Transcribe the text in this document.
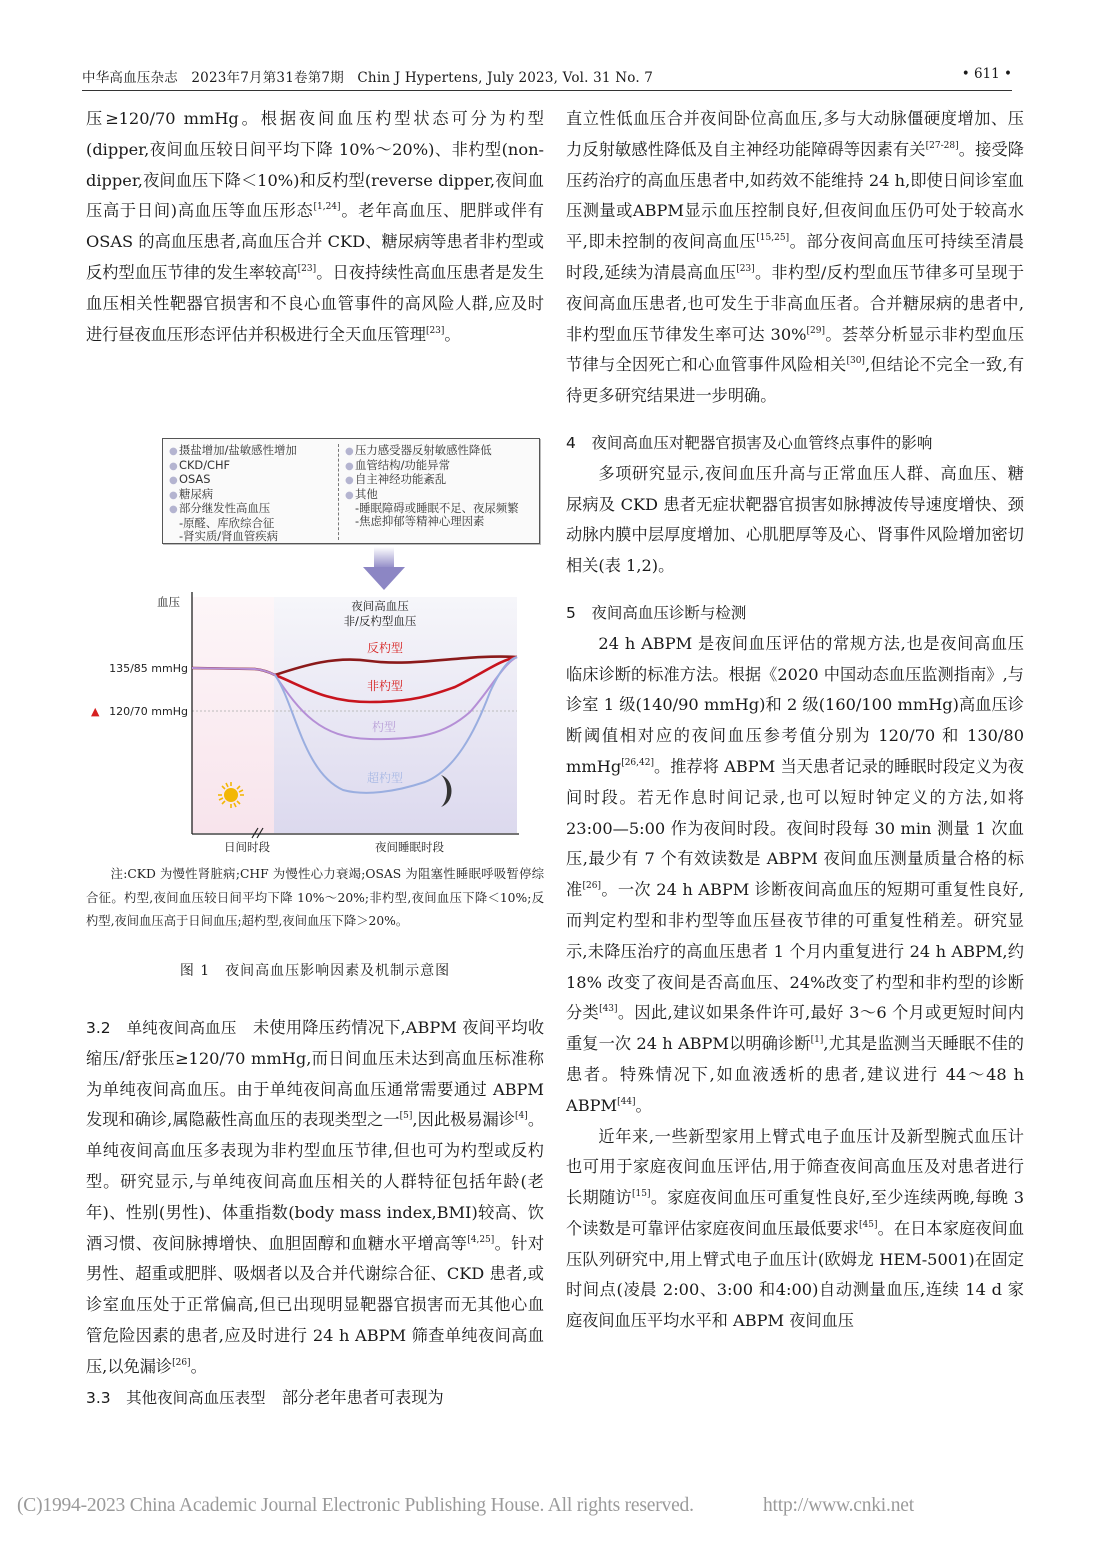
中华高血压杂志 2023年7月第31卷第7期 Chin J Hypertens, July 2023, Vol. 31 No. 7	• 611 •

压≥120/70 mmHg。根据夜间血压杓型状态可分为杓型(dipper,夜间血压较日间平均下降 10%～20%)、非杓型(non-dipper,夜间血压下降＜10%)和反杓型(reverse dipper,夜间血压高于日间)高血压等血压形态[1,24]。老年高血压、肥胖或伴有 OSAS 的高血压患者,高血压合并 CKD、糖尿病等患者非杓型或反杓型血压节律的发生率较高[23]。日夜持续性高血压患者是发生血压相关性靶器官损害和不良心血管事件的高风险人群,应及时进行昼夜血压形态评估并积极进行全天血压管理[23]。

●摄盐增加/盐敏感性增加
●CKD/CHF
●OSAS
●糖尿病
●部分继发性高血压
-原醛、库欣综合征
-肾实质/肾血管疾病
●压力感受器反射敏感性降低
●血管结构/功能异常
●自主神经功能紊乱
●其他
-睡眠障碍或睡眠不足、夜尿频繁
-焦虑抑郁等精神心理因素
反杓型
非杓型
杓型
超杓型
夜间高血压
非/反杓型血压
血压
135/85 mmHg
▲ 120/70 mmHg
日间时段	夜间睡眠时段
注:CKD 为慢性肾脏病;CHF 为慢性心力衰竭;OSAS 为阻塞性睡眠呼吸暂停综合征。杓型,夜间血压较日间平均下降 10%～20%;非杓型,夜间血压下降＜10%;反杓型,夜间血压高于日间血压;超杓型,夜间血压下降＞20%。
图 1　夜间高血压影响因素及机制示意图

3.2　单纯夜间高血压　未使用降压药情况下,ABPM 夜间平均收缩压/舒张压≥120/70 mmHg,而日间血压未达到高血压标准称为单纯夜间高血压。由于单纯夜间高血压通常需要通过 ABPM 发现和确诊,属隐蔽性高血压的表现类型之一[5],因此极易漏诊[4]。单纯夜间高血压多表现为非杓型血压节律,但也可为杓型或反杓型。研究显示,与单纯夜间高血压相关的人群特征包括年龄(老年)、性别(男性)、体重指数(body mass index,BMI)较高、饮酒习惯、夜间脉搏增快、血胆固醇和血糖水平增高等[4,25]。针对男性、超重或肥胖、吸烟者以及合并代谢综合征、CKD 患者,或诊室血压处于正常偏高,但已出现明显靶器官损害而无其他心血管危险因素的患者,应及时进行 24 h ABPM 筛查单纯夜间高血压,以免漏诊[26]。

3.3　其他夜间高血压表型　部分老年患者可表现为

直立性低血压合并夜间卧位高血压,多与大动脉僵硬度增加、压力反射敏感性降低及自主神经功能障碍等因素有关[27-28]。接受降压药治疗的高血压患者中,如药效不能维持 24 h,即使日间诊室血压测量或ABPM显示血压控制良好,但夜间血压仍可处于较高水平,即未控制的夜间高血压[15,25]。部分夜间高血压可持续至清晨时段,延续为清晨高血压[23]。非杓型/反杓型血压节律多可呈现于夜间高血压患者,也可发生于非高血压者。合并糖尿病的患者中,非杓型血压节律发生率可达 30%[29]。荟萃分析显示非杓型血压节律与全因死亡和心血管事件风险相关[30],但结论不完全一致,有待更多研究结果进一步明确。

4　夜间高血压对靶器官损害及心血管终点事件的影响

多项研究显示,夜间血压升高与正常血压人群、高血压、糖尿病及 CKD 患者无症状靶器官损害如脉搏波传导速度增快、颈动脉内膜中层厚度增加、心肌肥厚等及心、肾事件风险增加密切相关(表 1,2)。

5　夜间高血压诊断与检测

24 h ABPM 是夜间血压评估的常规方法,也是夜间高血压临床诊断的标准方法。根据《2020 中国动态血压监测指南》,与诊室 1 级(140/90 mmHg)和 2 级(160/100 mmHg)高血压诊断阈值相对应的夜间血压参考值分别为 120/70 和 130/80 mmHg[26,42]。推荐将 ABPM 当天患者记录的睡眠时段定义为夜间时段。若无作息时间记录,也可以短时钟定义的方法,如将 23:00—5:00 作为夜间时段。夜间时段每 30 min 测量 1 次血压,最少有 7 个有效读数是 ABPM 夜间血压测量质量合格的标准[26]。一次 24 h ABPM 诊断夜间高血压的短期可重复性良好,而判定杓型和非杓型等血压昼夜节律的可重复性稍差。研究显示,未降压治疗的高血压患者 1 个月内重复进行 24 h ABPM,约 18% 改变了夜间是否高血压、24%改变了杓型和非杓型的诊断分类[43]。因此,建议如果条件许可,最好 3～6 个月或更短时间内重复一次 24 h ABPM以明确诊断[1],尤其是监测当天睡眠不佳的患者。特殊情况下,如血液透析的患者,建议进行 44～48 h ABPM[44]。

近年来,一些新型家用上臂式电子血压计及新型腕式血压计也可用于家庭夜间血压评估,用于筛查夜间高血压及对患者进行长期随访[15]。家庭夜间血压可重复性良好,至少连续两晚,每晚 3 个读数是可靠评估家庭夜间血压最低要求[45]。在日本家庭夜间血压队列研究中,用上臂式电子血压计(欧姆龙 HEM-5001)在固定时间点(凌晨 2:00、3:00 和4:00)自动测量血压,连续 14 d 家庭夜间血压平均水平和 ABPM 夜间血压

(C)1994-2023 China Academic Journal Electronic Publishing House. All rights reserved.	http://www.cnki.net
